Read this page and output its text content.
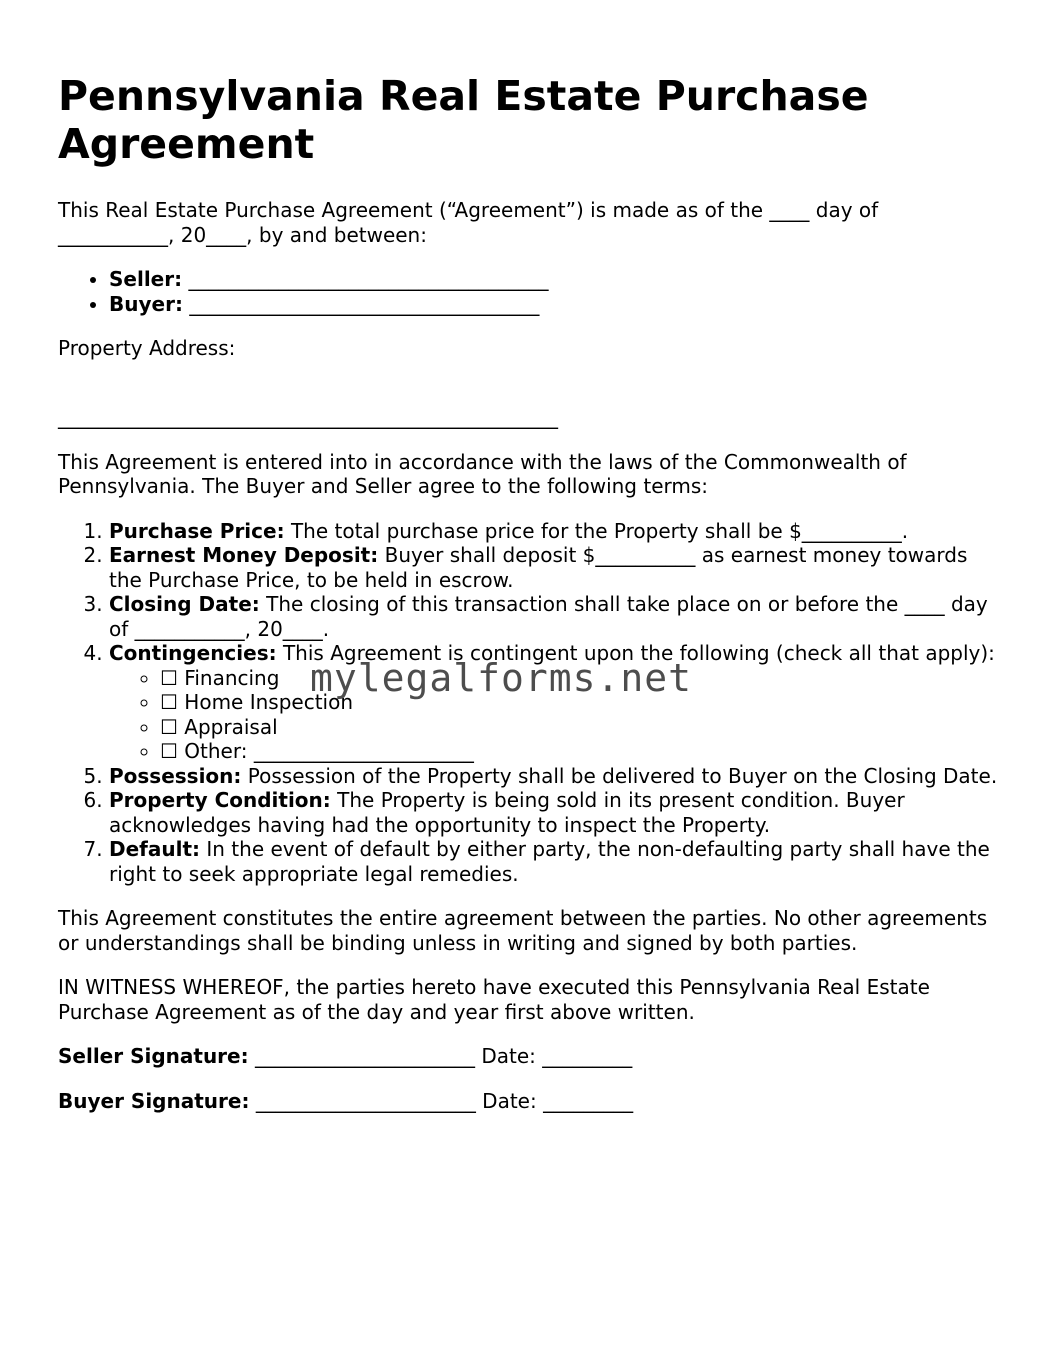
Pennsylvania Real Estate Purchase Agreement

This Real Estate Purchase Agreement (“Agreement”) is made as of the ____ day of ___________, 20____, by and between:

• Seller: ____________________________________
• Buyer: ___________________________________

Property Address:

__________________________________________________

This Agreement is entered into in accordance with the laws of the Commonwealth of Pennsylvania. The Buyer and Seller agree to the following terms:

1. Purchase Price: The total purchase price for the Property shall be $__________.
2. Earnest Money Deposit: Buyer shall deposit $__________ as earnest money towards the Purchase Price, to be held in escrow.
3. Closing Date: The closing of this transaction shall take place on or before the ____ day of ___________, 20____.
4. Contingencies: This Agreement is contingent upon the following (check all that apply):
◦ ☐ Financing
◦ ☐ Home Inspection
◦ ☐ Appraisal
◦ ☐ Other: ______________________
5. Possession: Possession of the Property shall be delivered to Buyer on the Closing Date.
6. Property Condition: The Property is being sold in its present condition. Buyer acknowledges having had the opportunity to inspect the Property.
7. Default: In the event of default by either party, the non-defaulting party shall have the right to seek appropriate legal remedies.

This Agreement constitutes the entire agreement between the parties. No other agreements or understandings shall be binding unless in writing and signed by both parties.

IN WITNESS WHEREOF, the parties hereto have executed this Pennsylvania Real Estate Purchase Agreement as of the day and year first above written.

Seller Signature: ______________________ Date: _________
Buyer Signature: ______________________ Date: _________
mylegalforms.net
